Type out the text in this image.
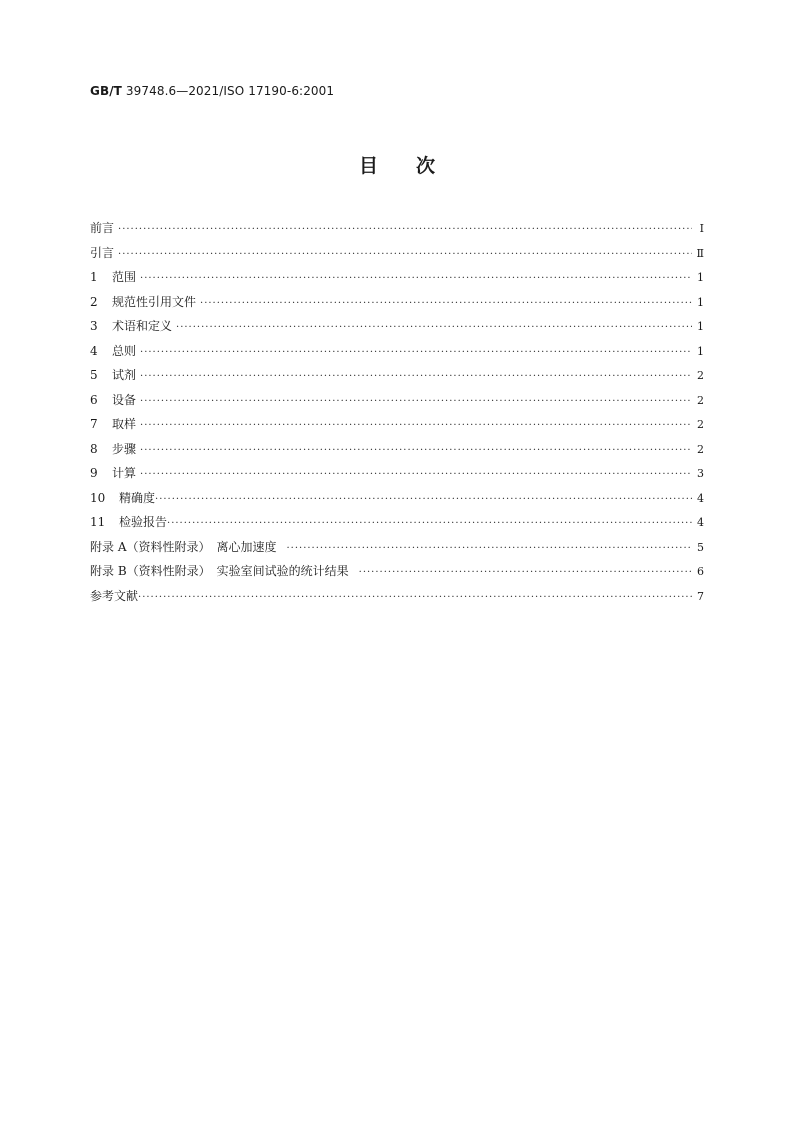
GB/T 39748.6—2021/ISO 17190-6:2001
目　　次
前言 ·····	Ⅰ
引言 ·····	Ⅱ
1	范围 ·····	1
2	规范性引用文件 ·····	1
3	术语和定义 ·····	1
4	总则 ·····	1
5	试剂 ·····	2
6	设备 ·····	2
7	取样 ·····	2
8	步骤 ·····	2
9	计算 ·····	3
10	精确度 ·····	4
11	检验报告 ·····	4
附录 A（资料性附录）　离心加速度 ·····	5
附录 B（资料性附录）　实验室间试验的统计结果 ·····	6
参考文献 ·····	7
